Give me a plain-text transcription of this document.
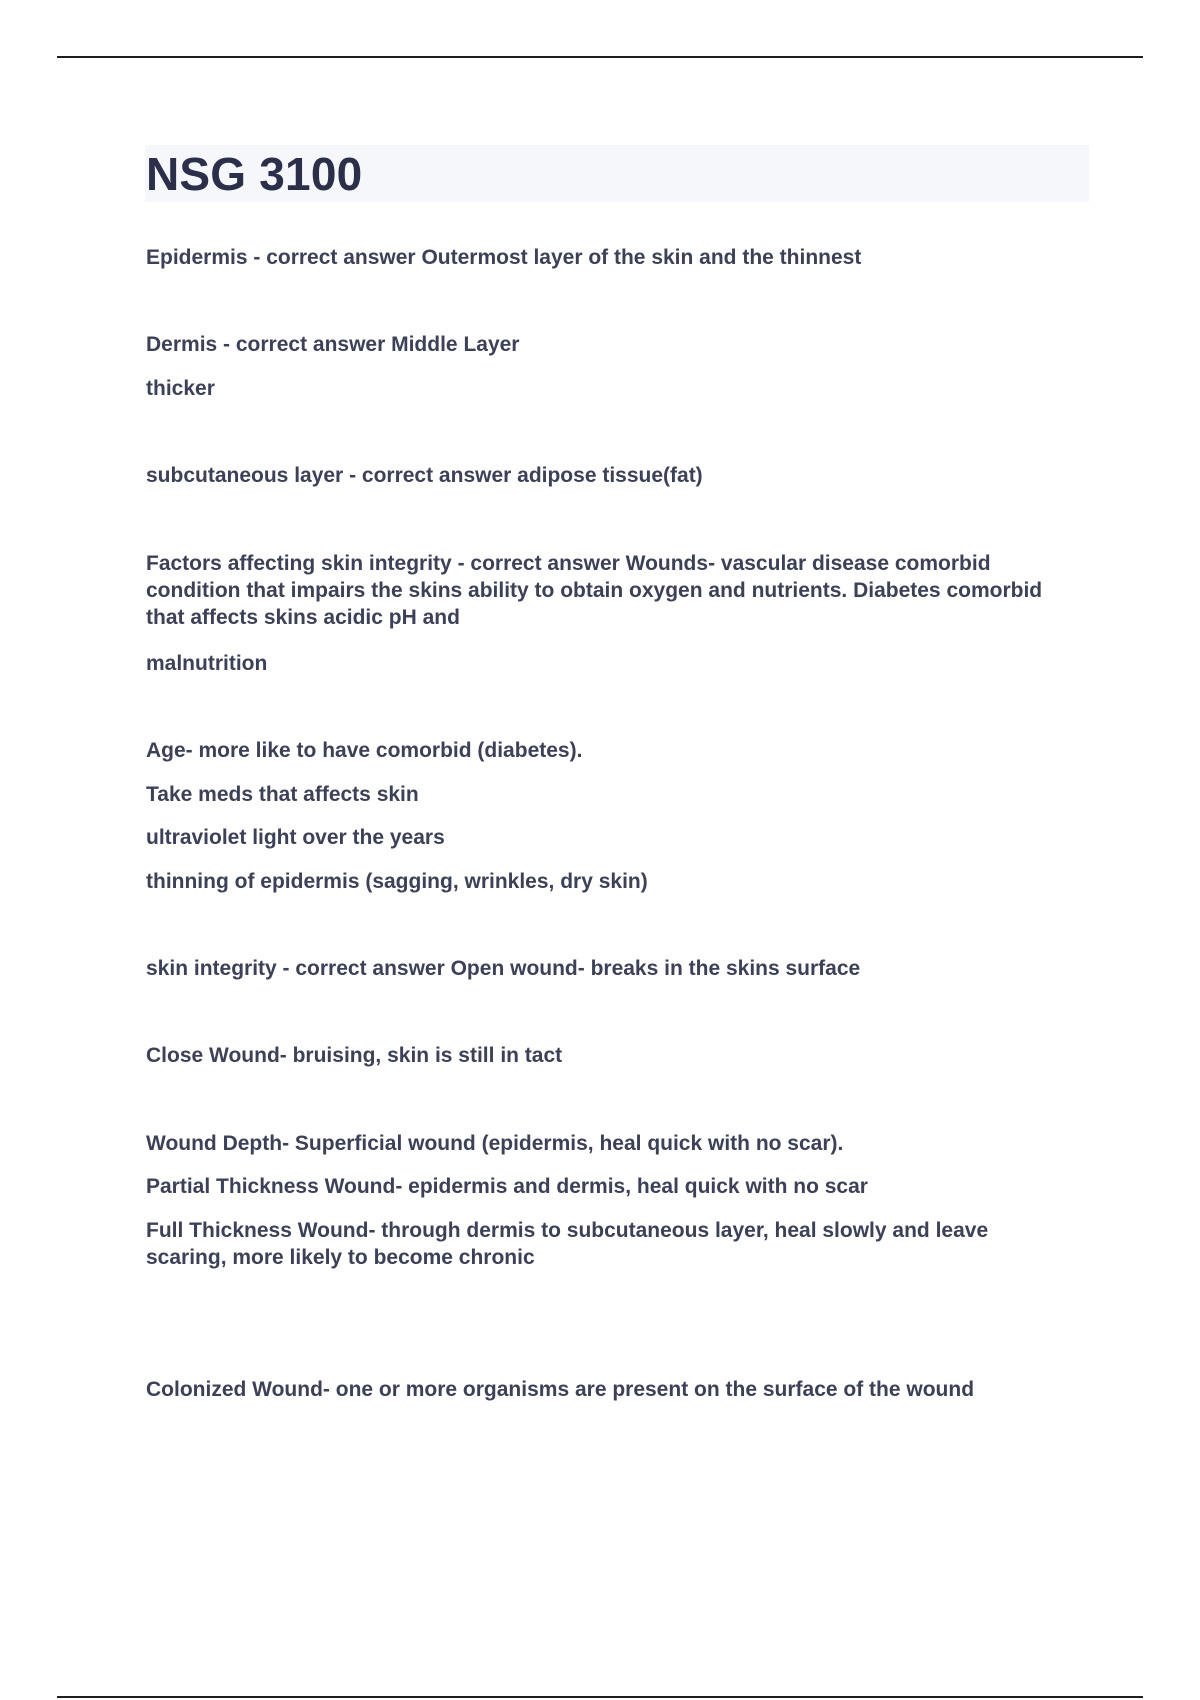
NSG 3100

Epidermis - correct answer Outermost layer of the skin and the thinnest

Dermis - correct answer Middle Layer

thicker

subcutaneous layer - correct answer adipose tissue(fat)

Factors affecting skin integrity - correct answer Wounds- vascular disease comorbid condition that impairs the skins ability to obtain oxygen and nutrients. Diabetes comorbid that affects skins acidic pH and

malnutrition

Age- more like to have comorbid (diabetes).

Take meds that affects skin

ultraviolet light over the years

thinning of epidermis (sagging, wrinkles, dry skin)

skin integrity - correct answer Open wound- breaks in the skins surface

Close Wound- bruising, skin is still in tact

Wound Depth- Superficial wound (epidermis, heal quick with no scar).

Partial Thickness Wound- epidermis and dermis, heal quick with no scar

Full Thickness Wound- through dermis to subcutaneous layer, heal slowly and leave scaring, more likely to become chronic

Colonized Wound- one or more organisms are present on the surface of the wound
